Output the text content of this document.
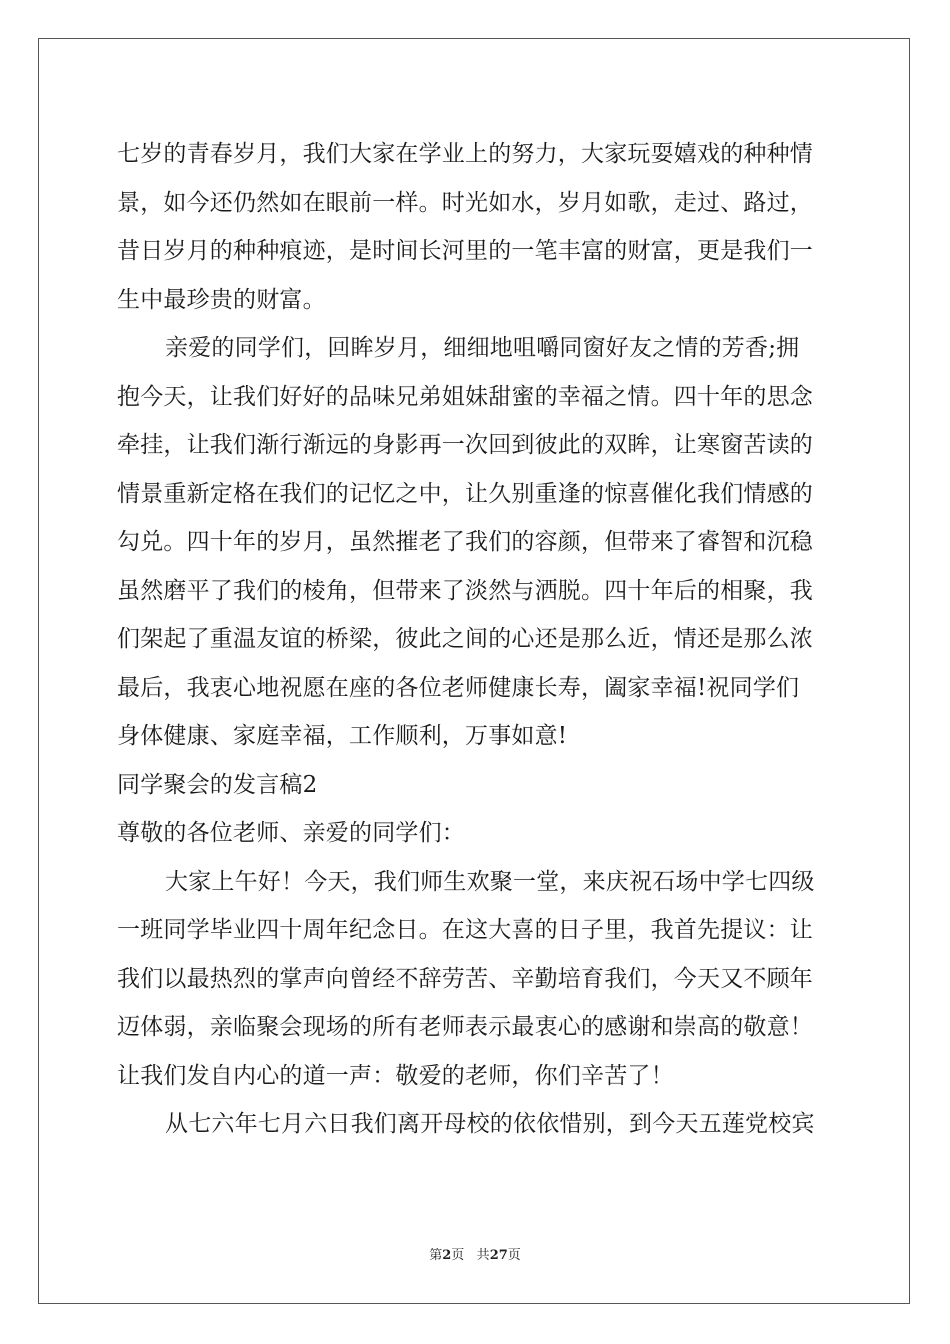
七岁的青春岁月，我们大家在学业上的努力，大家玩耍嬉戏的种种情
景，如今还仍然如在眼前一样。时光如水，岁月如歌，走过、路过，
昔日岁月的种种痕迹，是时间长河里的一笔丰富的财富，更是我们一
生中最珍贵的财富。
亲爱的同学们，回眸岁月，细细地咀嚼同窗好友之情的芳香;拥
抱今天，让我们好好的品味兄弟姐妹甜蜜的幸福之情。四十年的思念
牵挂，让我们渐行渐远的身影再一次回到彼此的双眸，让寒窗苦读的
情景重新定格在我们的记忆之中，让久别重逢的惊喜催化我们情感的
勾兑。四十年的岁月，虽然摧老了我们的容颜，但带来了睿智和沉稳
虽然磨平了我们的棱角，但带来了淡然与洒脱。四十年后的相聚，我
们架起了重温友谊的桥梁，彼此之间的心还是那么近，情还是那么浓
最后，我衷心地祝愿在座的各位老师健康长寿，阖家幸福!祝同学们
身体健康、家庭幸福，工作顺利，万事如意!
同学聚会的发言稿2
尊敬的各位老师、亲爱的同学们：
大家上午好！今天，我们师生欢聚一堂，来庆祝石场中学七四级
一班同学毕业四十周年纪念日。在这大喜的日子里，我首先提议：让
我们以最热烈的掌声向曾经不辞劳苦、辛勤培育我们，今天又不顾年
迈体弱，亲临聚会现场的所有老师表示最衷心的感谢和崇高的敬意！
让我们发自内心的道一声：敬爱的老师，你们辛苦了！
从七六年七月六日我们离开母校的依依惜别，到今天五莲党校宾
第2页 共27页
